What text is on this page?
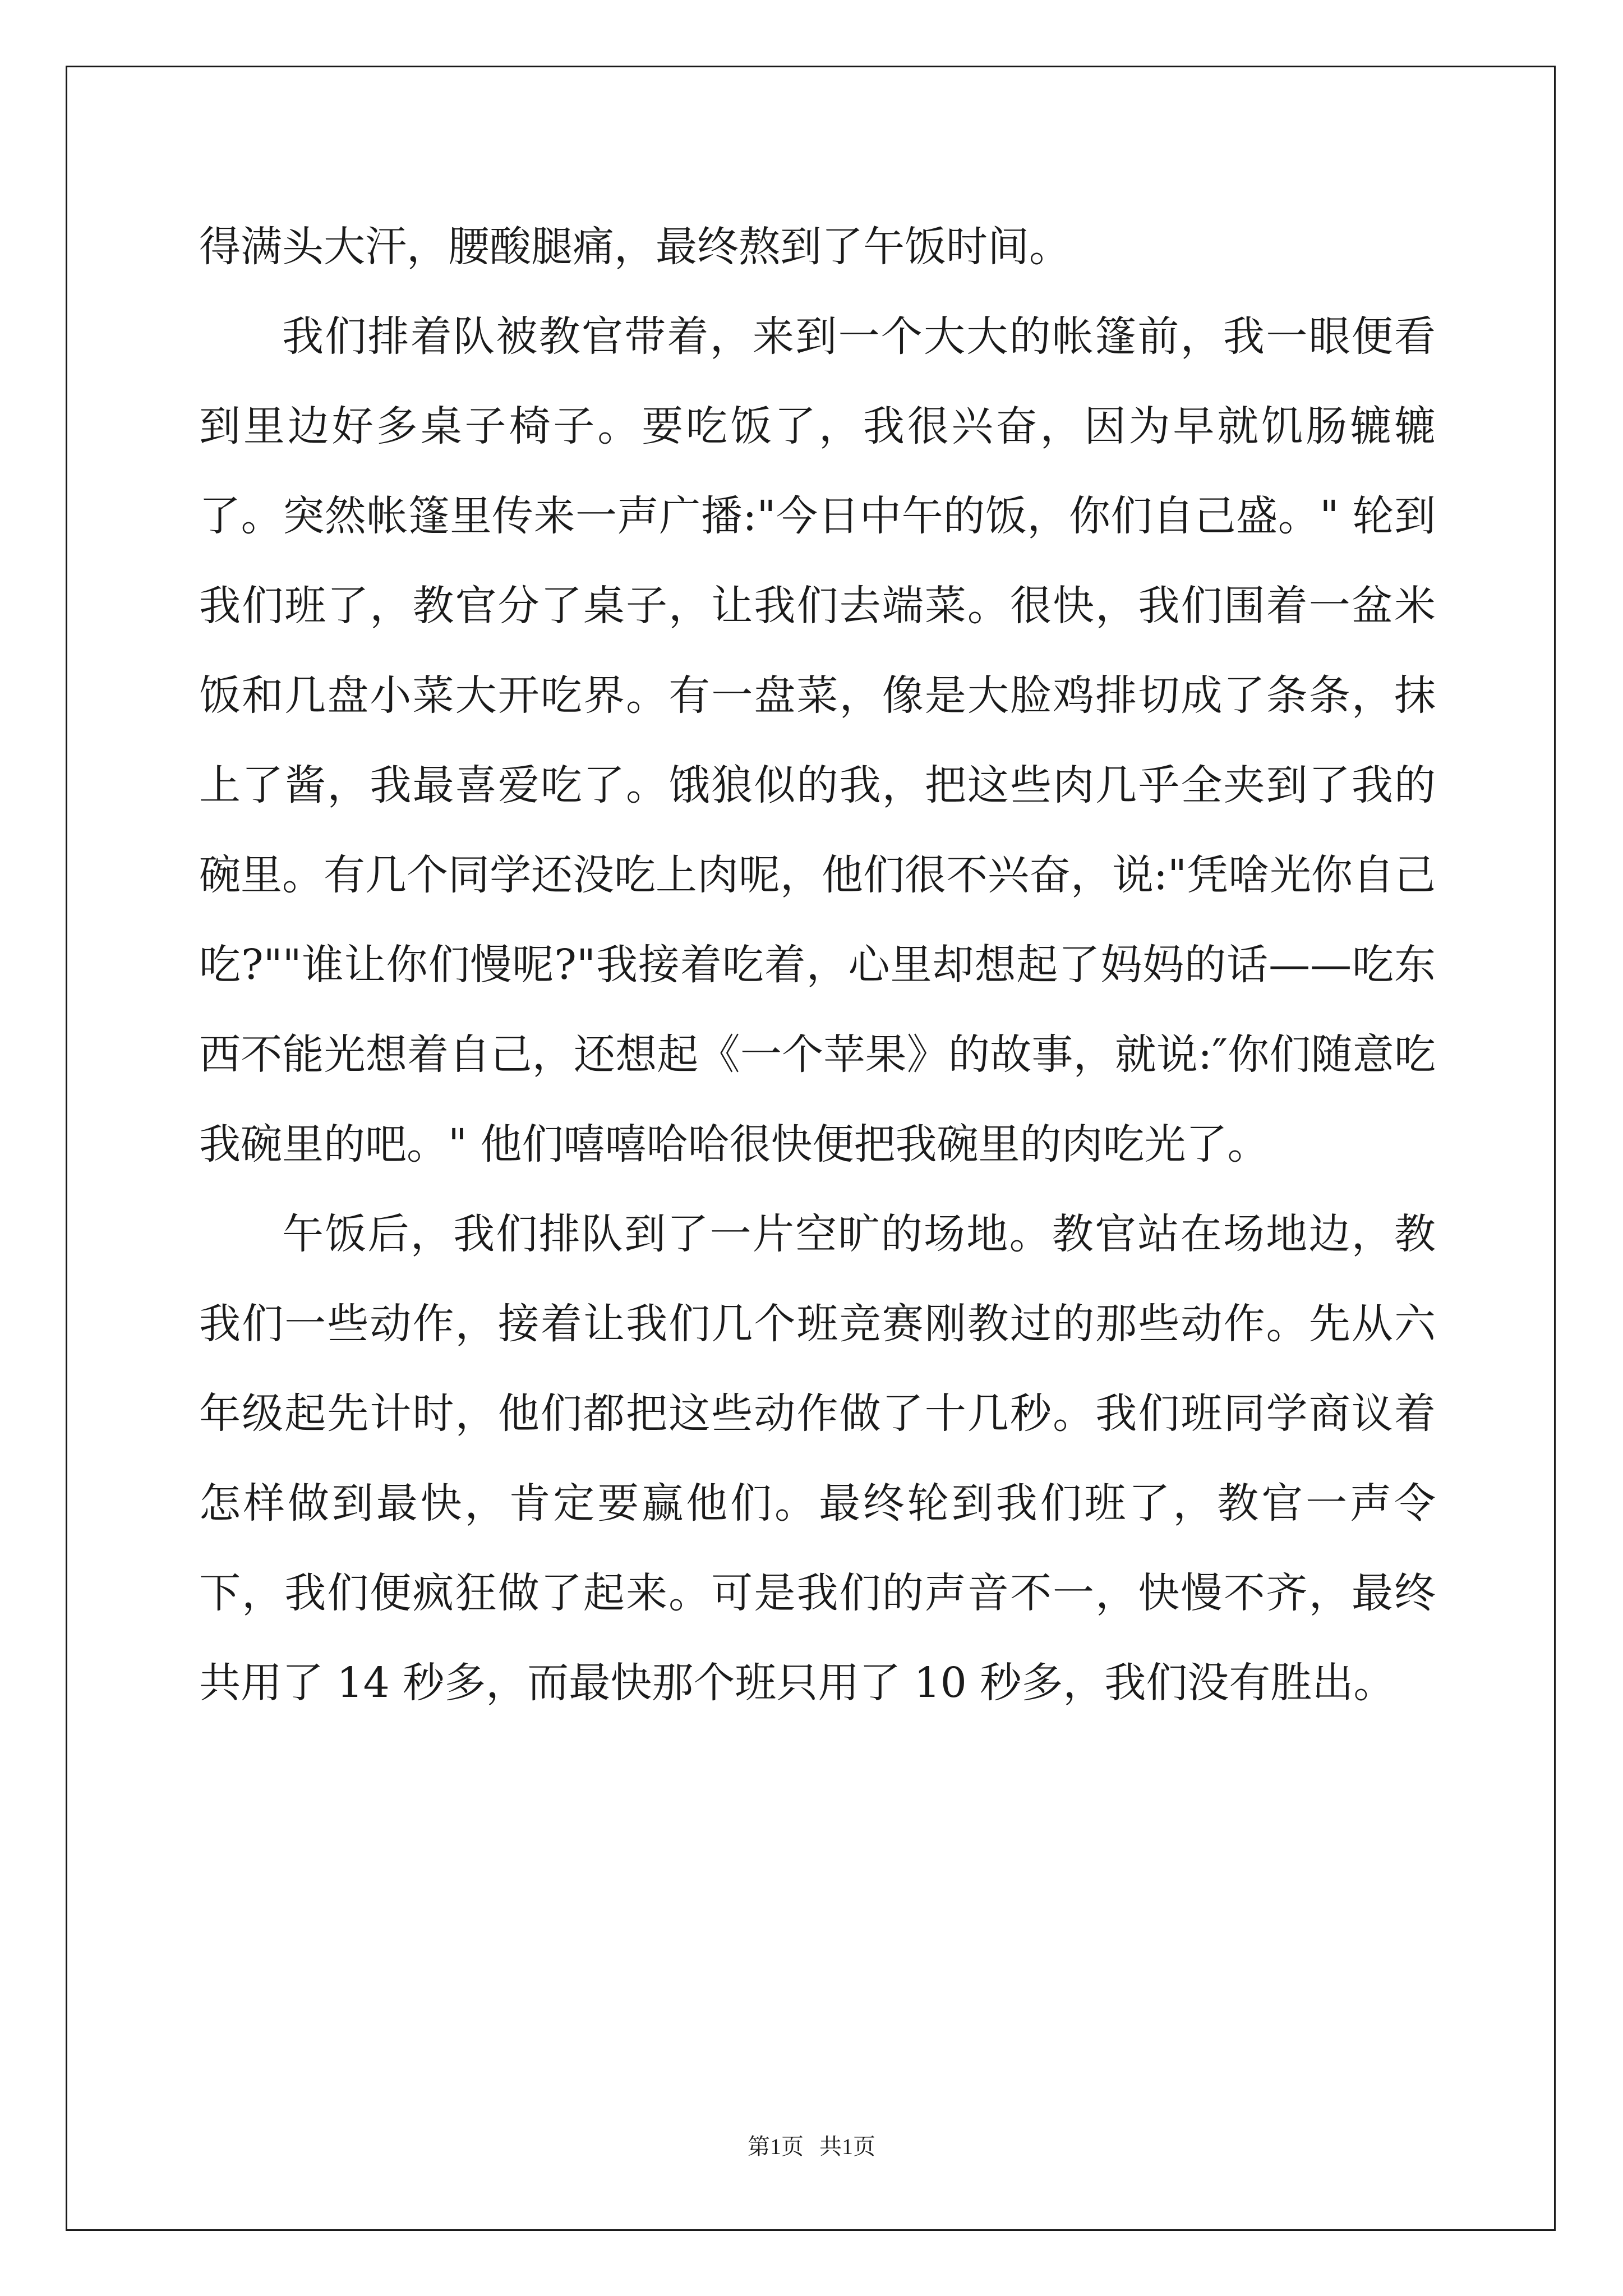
得满头大汗，腰酸腿痛，最终熬到了午饭时间。

我们排着队被教官带着，来到一个大大的帐篷前，我一眼便看到里边好多桌子椅子。要吃饭了，我很兴奋，因为早就饥肠辘辘了。突然帐篷里传来一声广播:"今日中午的饭，你们自己盛。" 轮到我们班了，教官分了桌子，让我们去端菜。很快，我们围着一盆米饭和几盘小菜大开吃界。有一盘菜，像是大脸鸡排切成了条条，抹上了酱，我最喜爱吃了。饿狼似的我，把这些肉几乎全夹到了我的碗里。有几个同学还没吃上肉呢，他们很不兴奋，说:"凭啥光你自己吃?""谁让你们慢呢?"我接着吃着，心里却想起了妈妈的话——吃东西不能光想着自己，还想起《一个苹果》的故事，就说:″你们随意吃我碗里的吧。" 他们嘻嘻哈哈很快便把我碗里的肉吃光了。

午饭后，我们排队到了一片空旷的场地。教官站在场地边，教我们一些动作，接着让我们几个班竞赛刚教过的那些动作。先从六年级起先计时，他们都把这些动作做了十几秒。我们班同学商议着怎样做到最快，肯定要赢他们。最终轮到我们班了，教官一声令下，我们便疯狂做了起来。可是我们的声音不一，快慢不齐，最终共用了 14 秒多，而最快那个班只用了 10 秒多，我们没有胜出。

第1页 共1页
